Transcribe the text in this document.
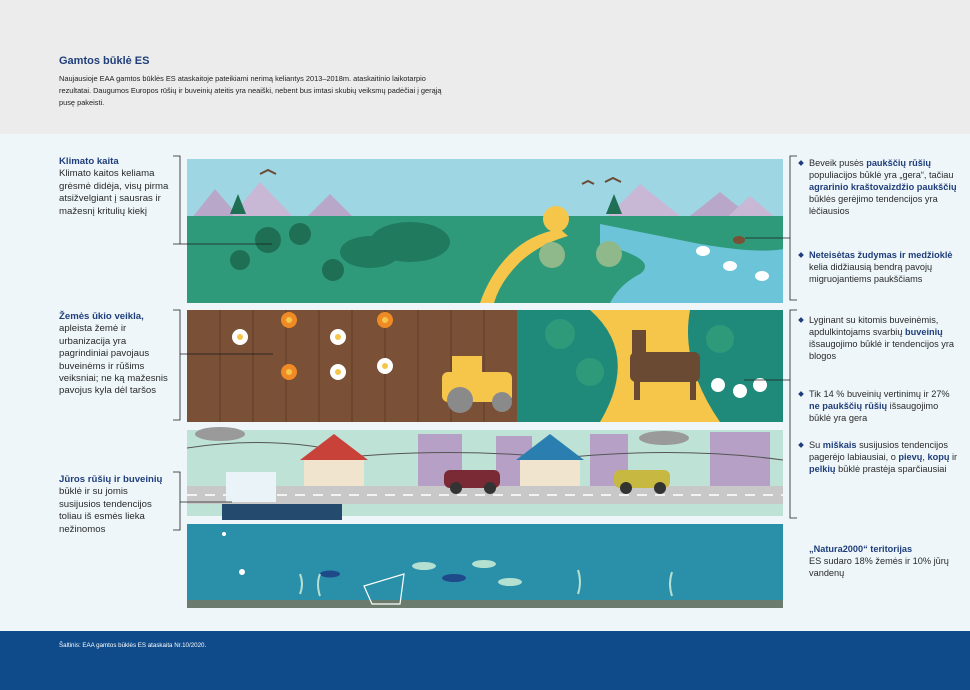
Gamtos būklė ES
Naujausioje EAA gamtos būklės ES ataskaitoje pateikiami nerimą keliantys 2013–2018m. ataskaitinio laikotarpio rezultatai. Daugumos Europos rūšių ir buveinių ateitis yra neaiški, nebent bus imtasi skubių veiksmų padėčiai į gerąją pusę pakeisti.
Klimato kaita
Klimato kaitos keliama grėsmė didėja, visų pirma atsižvelgiant į sausras ir mažesnį kritulių kiekį
Žemės ūkio veikla, apleista žemė ir urbanizacija yra pagrindiniai pavojaus buveinėms ir rūšims veiksniai; ne ką mažesnis pavojus kyla dėl taršos
Jūros rūšių ir buveinių būklė ir su jomis susijusios tendencijos toliau iš esmės lieka nežinomos
Beveik pusės paukščių rūšių populiacijos būklė yra „gera“, tačiau agrarinio kraštovaizdžio paukščių būklės gerėjimo tendencijos yra lėčiausios
Neteisėtas žudymas ir medžioklė kelia didžiausią bendrą pavojų migruojantiems paukščiams
Lyginant su kitomis buveinėmis, apdulkintojams svarbių buveinių išsaugojimo būklė ir tendencijos yra blogos
Tik 14 % buveinių vertinimų ir 27% ne paukščių rūšių išsaugojimo būklė yra gera
Su miškais susijusios tendencijos pagerėjo labiausiai, o pievų, kopų ir pelkių būklė prastėja sparčiausiai
„Natura2000“ teritorijas
ES sudaro 18% žemės ir 10% jūrų vandenų
Šaltinis: EAA gamtos būklės ES ataskaita Nr.10/2020.
